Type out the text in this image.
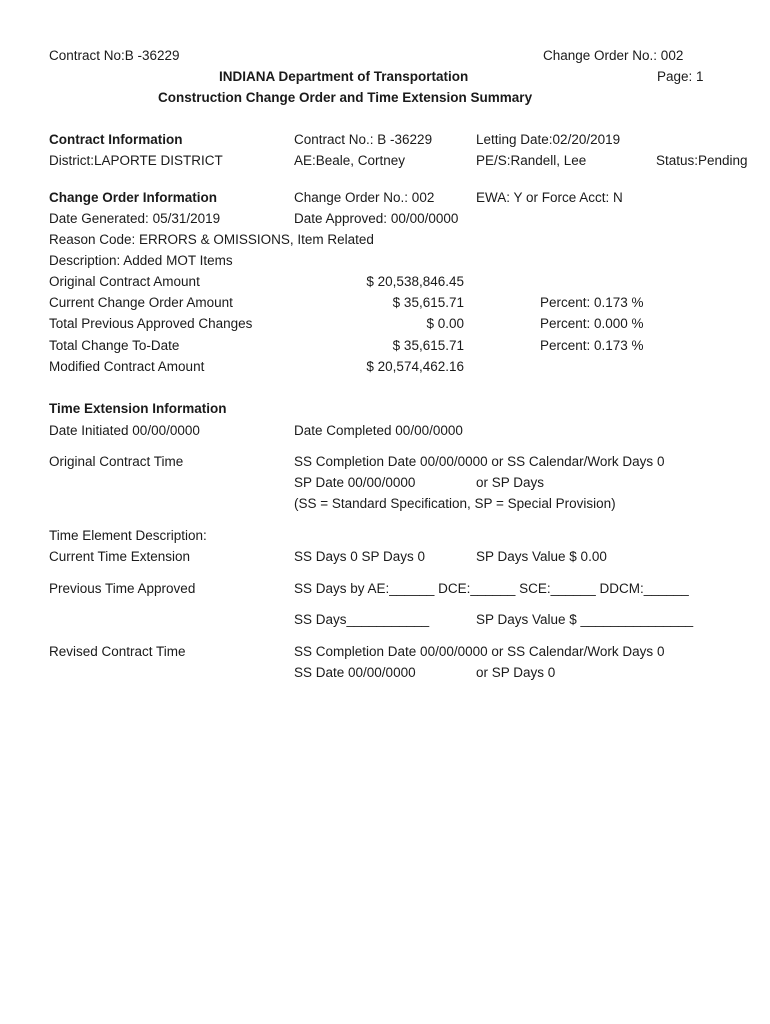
Contract No:B -36229	Change Order No.: 002
INDIANA Department of Transportation	Page: 1
Construction Change Order and Time Extension Summary
Contract Information	Contract No.: B -36229	Letting Date:02/20/2019
District:LAPORTE DISTRICT	AE:Beale, Cortney	PE/S:Randell, Lee	Status:Pending
Change Order Information	Change Order No.: 002	EWA: Y or Force Acct: N
Date Generated: 05/31/2019	Date Approved: 00/00/0000
Reason Code: ERRORS & OMISSIONS, Item Related
Description: Added MOT Items
Original Contract Amount	$ 20,538,846.45
Current Change Order Amount	$ 35,615.71	Percent: 0.173 %
Total Previous Approved Changes	$ 0.00	Percent: 0.000 %
Total Change To-Date	$ 35,615.71	Percent: 0.173 %
Modified Contract Amount	$ 20,574,462.16
Time Extension Information
Date Initiated 00/00/0000	Date Completed 00/00/0000
Original Contract Time	SS Completion Date 00/00/0000 or SS Calendar/Work Days 0
SP Date 00/00/0000	or SP Days
(SS = Standard Specification, SP = Special Provision)
Time Element Description:
Current Time Extension	SS Days 0 SP Days 0	SP Days Value $ 0.00
Previous Time Approved	SS Days by AE:______ DCE:______ SCE:______ DDCM:______
SS Days___________	SP Days Value $ _______________
Revised Contract Time	SS Completion Date 00/00/0000 or SS Calendar/Work Days 0
SS Date 00/00/0000	or SP Days 0
